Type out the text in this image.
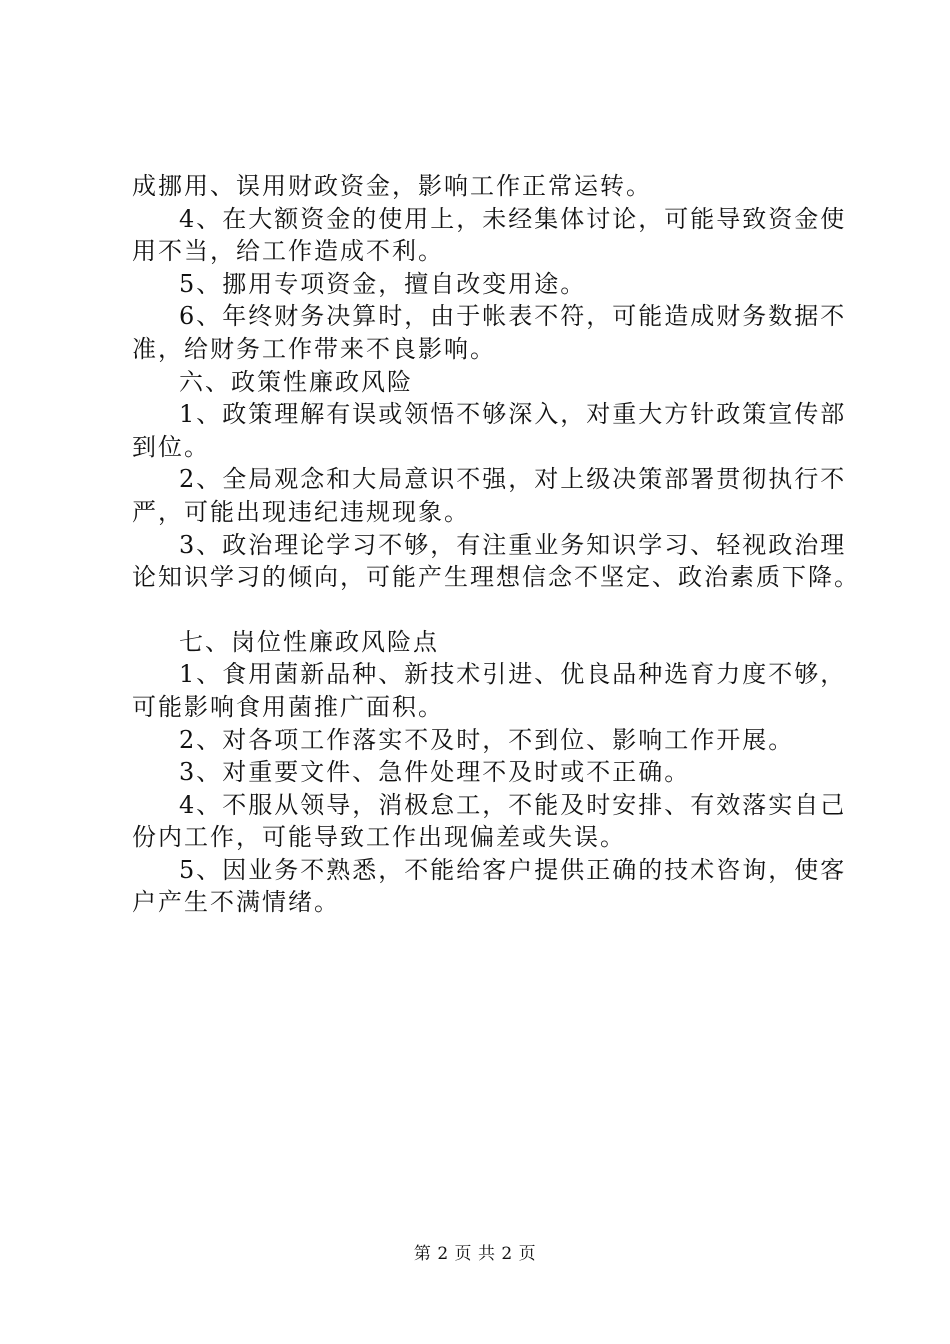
成挪用、误用财政资金，影响工作正常运转。
4、在大额资金的使用上，未经集体讨论，可能导致资金使
用不当，给工作造成不利。
5、挪用专项资金，擅自改变用途。
6、年终财务决算时，由于帐表不符，可能造成财务数据不
准，给财务工作带来不良影响。
六、政策性廉政风险
1、政策理解有误或领悟不够深入，对重大方针政策宣传部
到位。
2、全局观念和大局意识不强，对上级决策部署贯彻执行不
严，可能出现违纪违规现象。
3、政治理论学习不够，有注重业务知识学习、轻视政治理
论知识学习的倾向，可能产生理想信念不坚定、政治素质下降。
七、岗位性廉政风险点
1、食用菌新品种、新技术引进、优良品种选育力度不够，
可能影响食用菌推广面积。
2、对各项工作落实不及时，不到位、影响工作开展。
3、对重要文件、急件处理不及时或不正确。
4、不服从领导，消极怠工，不能及时安排、有效落实自己
份内工作，可能导致工作出现偏差或失误。
5、因业务不熟悉，不能给客户提供正确的技术咨询，使客
户产生不满情绪。
第 2 页 共 2 页
